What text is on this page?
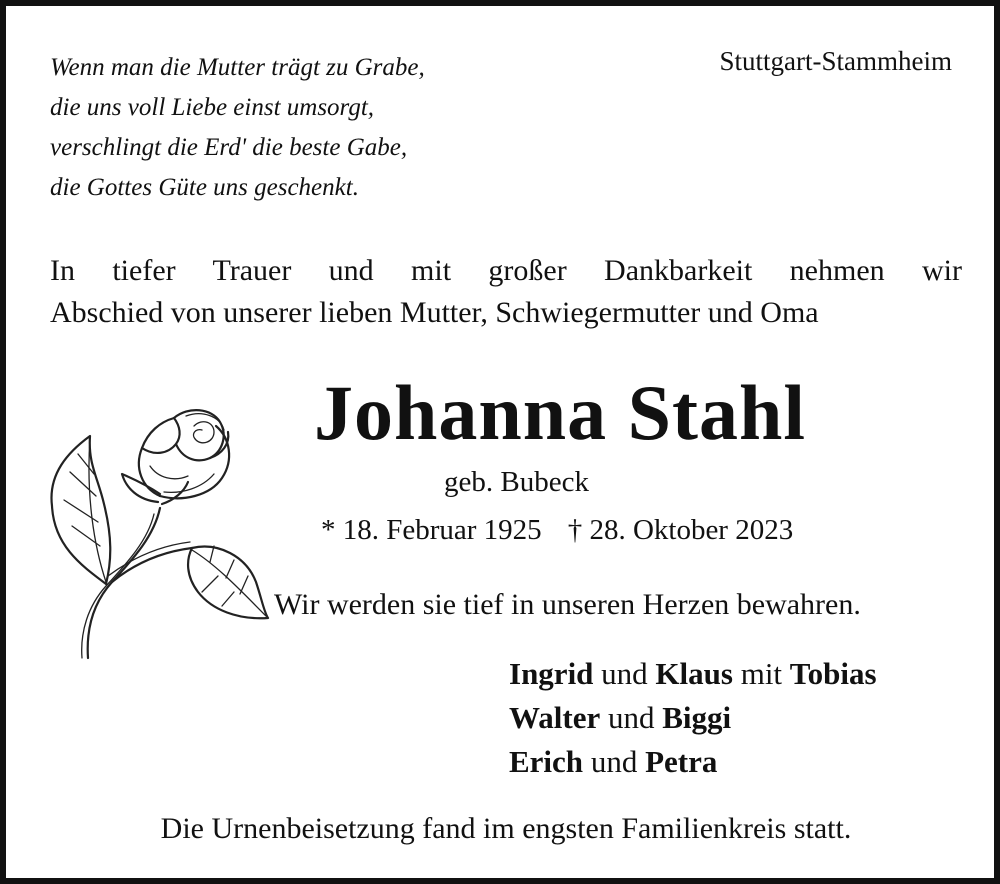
Wenn man die Mutter trägt zu Grabe,
die uns voll Liebe einst umsorgt,
verschlingt die Erd' die beste Gabe,
die Gottes Güte uns geschenkt.
Stuttgart-Stammheim
In tiefer Trauer und mit großer Dankbarkeit nehmen wir
Abschied von unserer lieben Mutter, Schwiegermutter und Oma
Johanna Stahl
geb. Bubeck
* 18. Februar 1925 † 28. Oktober 2023
Wir werden sie tief in unseren Herzen bewahren.
Ingrid und Klaus mit Tobias
Walter und Biggi
Erich und Petra
Die Urnenbeisetzung fand im engsten Familienkreis statt.
